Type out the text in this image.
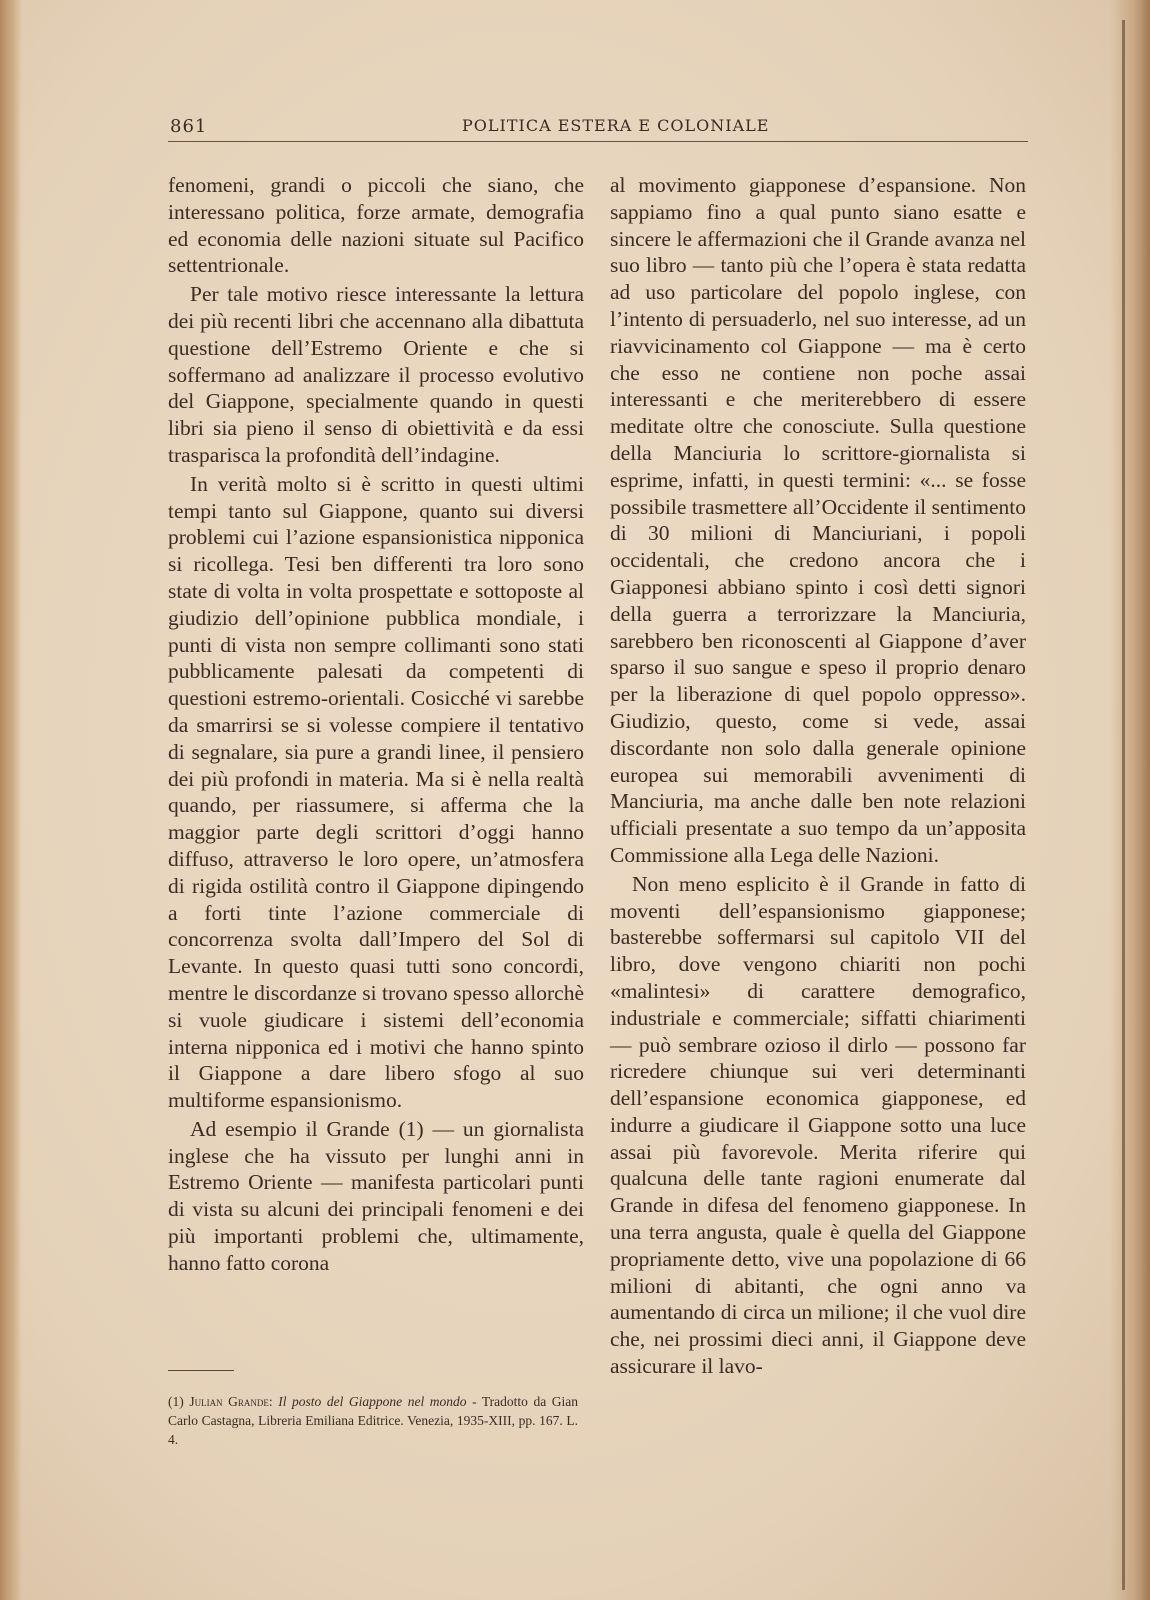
861	POLITICA ESTERA E COLONIALE

fenomeni, grandi o piccoli che siano, che interessano politica, forze armate, demografia ed economia delle nazioni situate sul Pacifico settentrionale.

Per tale motivo riesce interessante la lettura dei più recenti libri che accennano alla dibattuta questione dell’Estremo Oriente e che si soffermano ad analizzare il processo evolutivo del Giappone, specialmente quando in questi libri sia pieno il senso di obiettività e da essi traspariscа la profondità dell’indagine.

In verità molto si è scritto in questi ultimi tempi tanto sul Giappone, quanto sui diversi problemi cui l’azione espansionistica nipponica si ricollega. Tesi ben differenti tra loro sono state di volta in volta prospettate e sottoposte al giudizio dell’opinione pubblica mondiale, i punti di vista non sempre collimanti sono stati pubblicamente palesati da competenti di questioni estremo-orientali. Cosicché vi sarebbe da smarrirsi se si volesse compiere il tentativo di segnalare, sia pure a grandi linee, il pensiero dei più profondi in materia. Ma si è nella realtà quando, per riassumere, si afferma che la maggior parte degli scrittori d’oggi hanno diffuso, attraverso le loro opere, un’atmosfera di rigida ostilità contro il Giappone dipingendo a forti tinte l’azione commerciale di concorrenza svolta dall’Impero del Sol di Levante. In questo quasi tutti sono concordi, mentre le discordanze si trovano spesso allorchè si vuole giudicare i sistemi dell’economia interna nipponica ed i motivi che hanno spinto il Giappone a dare libero sfogo al suo multiforme espansionismo.

Ad esempio il Grande (1) — un giornalista inglese che ha vissuto per lunghi anni in Estremo Oriente — manifesta particolari punti di vista su alcuni dei principali fenomeni e dei più importanti problemi che, ultimamente, hanno fatto corona

al movimento giapponese d’espansione. Non sappiamo fino a qual punto siano esatte e sincere le affermazioni che il Grande avanza nel suo libro — tanto più che l’opera è stata redatta ad uso particolare del popolo inglese, con l’intento di persuaderlo, nel suo interesse, ad un riavvicinamento col Giappone — ma è certo che esso ne contiene non poche assai interessanti e che meriterebbero di essere meditate oltre che conosciute. Sulla questione della Manciuria lo scrittore-giornalista si esprime, infatti, in questi termini: «... se fosse possibile trasmettere all’Occidente il sentimento di 30 milioni di Manciuriani, i popoli occidentali, che credono ancora che i Giapponesi abbiano spinto i così detti signori della guerra a terrorizzare la Manciuria, sarebbero ben riconoscenti al Giappone d’aver sparso il suo sangue e speso il proprio denaro per la liberazione di quel popolo oppresso». Giudizio, questo, come si vede, assai discordante non solo dalla generale opinione europea sui memorabili avvenimenti di Manciuria, ma anche dalle ben note relazioni ufficiali presentate a suo tempo da un’apposita Commissione alla Lega delle Nazioni.

Non meno esplicito è il Grande in fatto di moventi dell’espansionismo giapponese; basterebbe soffermarsi sul capitolo VII del libro, dove vengono chiariti non pochi «malintesi» di carattere demografico, industriale e commerciale; siffatti chiarimenti — può sembrare ozioso il dirlo — possono far ricredere chiunque sui veri determinanti dell’espansione economica giapponese, ed indurre a giudicare il Giappone sotto una luce assai più favorevole. Merita riferire qui qualcuna delle tante ragioni enumerate dal Grande in difesa del fenomeno giapponese. In una terra angusta, quale è quella del Giappone propriamente detto, vive una popolazione di 66 milioni di abitanti, che ogni anno va aumentando di circa un milione; il che vuol dire che, nei prossimi dieci anni, il Giappone deve assicurare il lavo-

(1) Julian Grande: Il posto del Giappone nel mondo - Tradotto da Gian Carlo Castagna, Libreria Emiliana Editrice. Venezia, 1935-XIII, pp. 167. L. 4.
